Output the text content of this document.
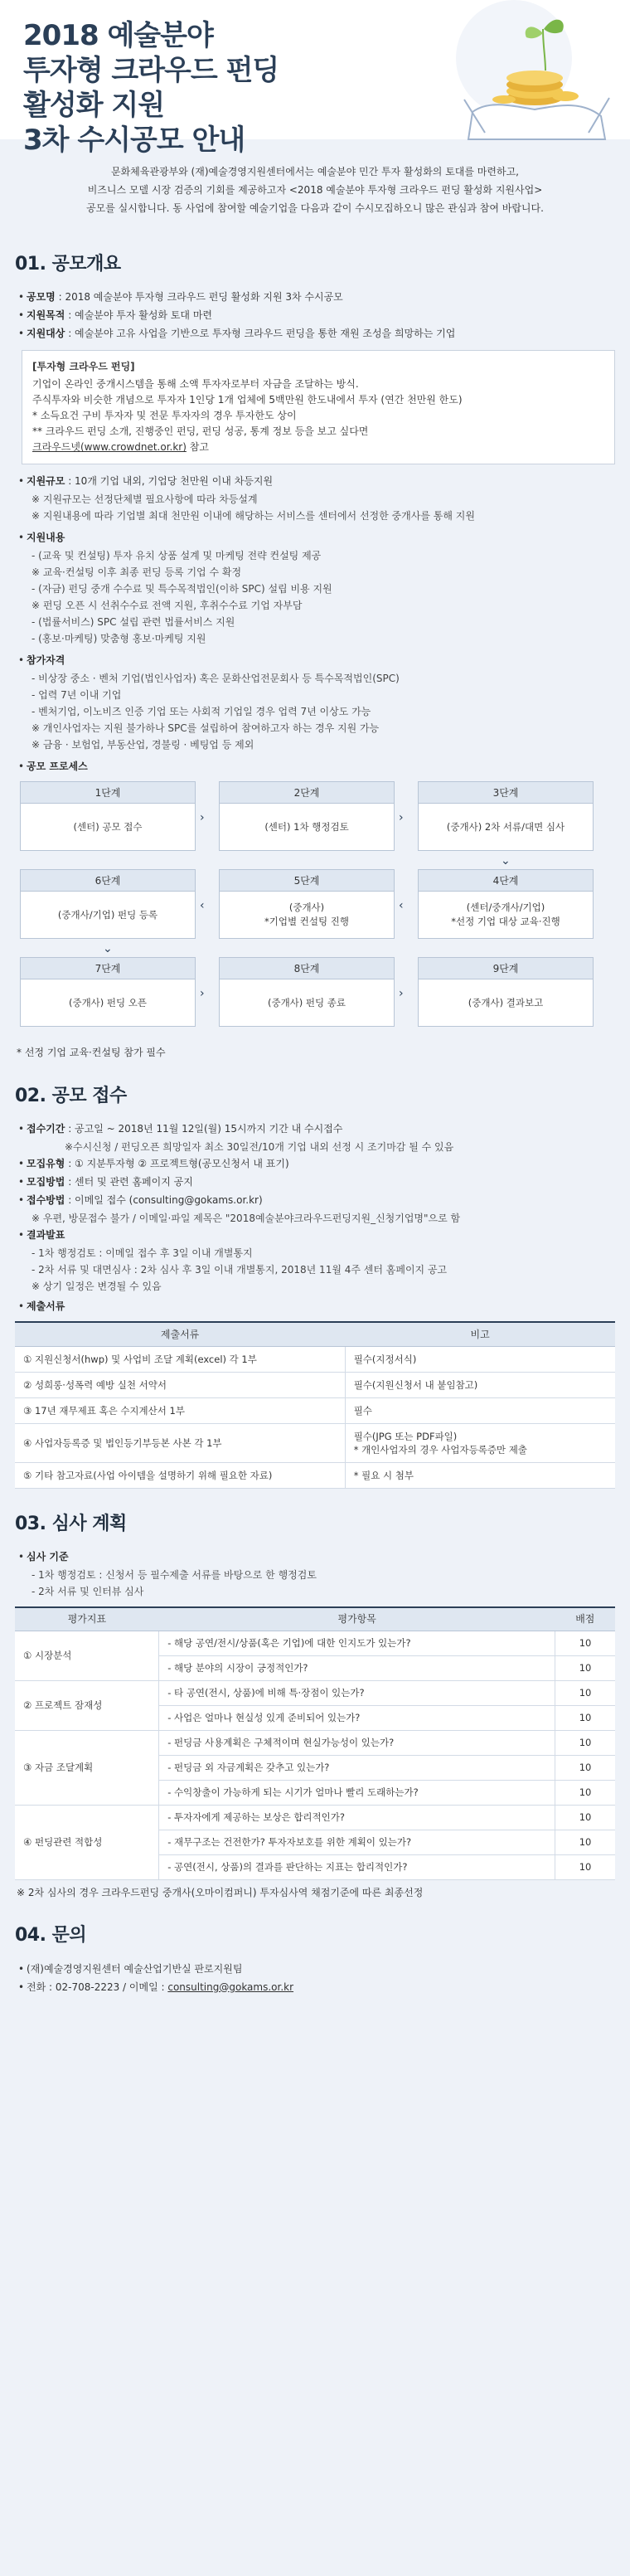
2018 예술분야
투자형 크라우드 펀딩
활성화 지원
3차 수시공모 안내

문화체육관광부와 (재)예술경영지원센터에서는 예술분야 민간 투자 활성화의 토대를 마련하고,
비즈니스 모델 시장 검증의 기회를 제공하고자 <2018 예술분야 투자형 크라우드 펀딩 활성화 지원사업>
공모를 실시합니다. 동 사업에 참여할 예술기업을 다음과 같이 수시모집하오니 많은 관심과 참여 바랍니다.

01. 공모개요
• 공모명 : 2018 예술분야 투자형 크라우드 펀딩 활성화 지원 3차 수시공모
• 지원목적 : 예술분야 투자 활성화 토대 마련
• 지원대상 : 예술분야 고유 사업을 기반으로 투자형 크라우드 펀딩을 통한 재원 조성을 희망하는 기업
[투자형 크라우드 펀딩]

기업이 온라인 중개시스템을 통해 소액 투자자로부터 자금을 조달하는 방식.
주식투자와 비슷한 개념으로 투자자 1인당 1개 업체에 5백만원 한도내에서 투자 (연간 천만원 한도)
* 소득요건 구비 투자자 및 전문 투자자의 경우 투자한도 상이
** 크라우드 펀딩 소개, 진행중인 펀딩, 펀딩 성공, 통계 정보 등을 보고 싶다면

크라우드넷(www.crowdnet.or.kr) 참고

• 지원규모 : 10개 기업 내외, 기업당 천만원 이내 차등지원
※ 지원규모는 선정단체별 필요사항에 따라 차등설계
※ 지원내용에 따라 기업별 최대 천만원 이내에 해당하는 서비스를 센터에서 선정한 중개사를 통해 지원
• 지원내용
- (교육 및 컨설팅) 투자 유치 상품 설계 및 마케팅 전략 컨설팅 제공
※ 교육·컨설팅 이후 최종 펀딩 등록 기업 수 확정
- (자금) 펀딩 중개 수수료 및 특수목적법인(이하 SPC) 설립 비용 지원
※ 펀딩 오픈 시 선취수수료 전액 지원, 후취수수료 기업 자부담
- (법률서비스) SPC 설립 관련 법률서비스 지원
- (홍보·마케팅) 맞춤형 홍보·마케팅 지원
• 참가자격
- 비상장 중소 · 벤처 기업(법인사업자) 혹은 문화산업전문회사 등 특수목적법인(SPC)
- 업력 7년 이내 기업
- 벤처기업, 이노비즈 인증 기업 또는 사회적 기업일 경우 업력 7년 이상도 가능
※ 개인사업자는 지원 불가하나 SPC를 설립하여 참여하고자 하는 경우 지원 가능
※ 금융 · 보험업, 부동산업, 경불링 · 베팅업 등 제외
• 공모 프로세스
1단계
(센터) 공모 접수
›
2단계
(센터) 1차 행정검토
›
3단계
(중개사) 2차 서류/대면 심사
⌄
4단계
(센터/중개사/기업)
*선정 기업 대상 교육·진행
‹
5단계
(중개사)
*기업별 컨설팅 진행
‹
6단계
(중개사/기업) 펀딩 등록
⌄
7단계
(중개사) 펀딩 오픈
›
8단계
(중개사) 펀딩 종료
›
9단계
(중개사) 결과보고
* 선정 기업 교육·컨설팅 참가 필수
02. 공모 접수
• 접수기간 : 공고일 ~ 2018년 11월 12일(월) 15시까지 기간 내 수시접수
※수시신청 / 펀딩오픈 희망일자 최소 30일전/10개 기업 내외 선정 시 조기마감 될 수 있음
• 모집유형 : ① 지분투자형 ② 프로젝트형(공모신청서 내 표기)
• 모집방법 : 센터 및 관련 홈페이지 공지
• 접수방법 : 이메일 접수 (consulting@gokams.or.kr)
※ 우편, 방문접수 불가 / 이메일·파일 제목은 "2018예술분야크라우드펀딩지원_신청기업명"으로 함
• 결과발표
- 1차 행정검토 : 이메일 접수 후 3일 이내 개별통지
- 2차 서류 및 대면심사 : 2차 심사 후 3일 이내 개별통지, 2018년 11월 4주 센터 홈페이지 공고
※ 상기 일정은 변경될 수 있음
• 제출서류
제출서류	비고
① 지원신청서(hwp) 및 사업비 조달 계획(excel) 각 1부	필수(지정서식)
② 성희롱·성폭력 예방 실천 서약서	필수(지원신청서 내 붙임참고)
③ 17년 재무제표 혹은 수지계산서 1부	필수
④ 사업자등록증 및 법인등기부등본 사본 각 1부	필수(JPG 또는 PDF파일)
* 개인사업자의 경우 사업자등록증만 제출
⑤ 기타 참고자료(사업 아이템을 설명하기 위해 필요한 자료)	* 필요 시 첨부
03. 심사 계획
• 심사 기준
- 1차 행정검토 : 신청서 등 필수제출 서류를 바탕으로 한 행정검토
- 2차 서류 및 인터뷰 심사
평가지표	평가항목	배점
① 시장분석	- 해당 공연/전시/상품(혹은 기업)에 대한 인지도가 있는가?	10
	- 해당 분야의 시장이 긍정적인가?	10
② 프로젝트 잠재성	- 타 공연(전시, 상품)에 비해 특·장점이 있는가?	10
	- 사업은 얼마나 현실성 있게 준비되어 있는가?	10
③ 자금 조달계획	- 펀딩금 사용계획은 구체적이며 현실가능성이 있는가?	10
	- 펀딩금 외 자금계획은 갖추고 있는가?	10
	- 수익창출이 가능하게 되는 시기가 얼마나 빨리 도래하는가?	10
④ 펀딩관련 적합성	- 투자자에게 제공하는 보상은 합리적인가?	10
	- 재무구조는 건전한가? 투자자보호를 위한 계획이 있는가?	10
	- 공연(전시, 상품)의 결과를 판단하는 지표는 합리적인가?	10
※ 2차 심사의 경우 크라우드펀딩 중개사(오마이컴퍼니) 투자심사역 채점기준에 따른 최종선정
04. 문의
• (재)예술경영지원센터 예술산업기반실 판로지원팀
• 전화 : 02-708-2223 / 이메일 : consulting@gokams.or.kr
